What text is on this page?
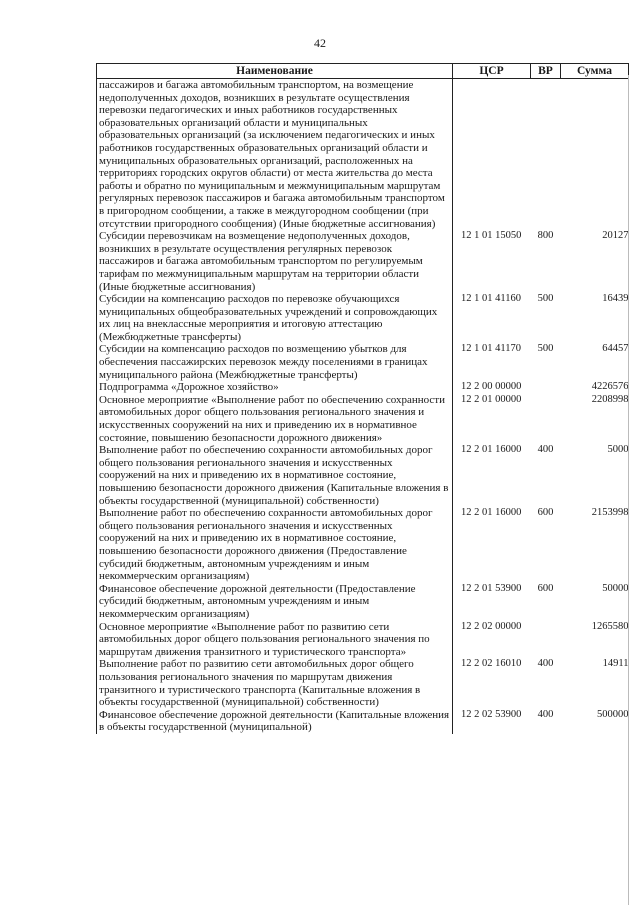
42
Наименование	ЦСР	ВР	Сумма
пассажиров и багажа автомобильным транспортом, на возмещение недополученных доходов, возникших в результате осуществления перевозки педагогических и иных работников государственных образовательных организаций области и муниципальных образовательных организаций (за исключением педагогических и иных работников государственных образовательных организаций области и муниципальных образовательных организаций, расположенных на территориях городских округов области) от места жительства до места работы и обратно по муниципальным и межмуниципальным маршрутам регулярных перевозок пассажиров и багажа автомобильным транспортом в пригородном сообщении, а также в междугородном сообщении (при отсутствии пригородного сообщения) (Иные бюджетные ассигнования)			
Субсидии перевозчикам на возмещение недополученных доходов, возникших в результате осуществления регулярных перевозок пассажиров и багажа автомобильным транспортом по регулируемым тарифам по межмуниципальным маршрутам на территории области (Иные бюджетные ассигнования)	12 1 01 15050	800	20127
Субсидии на компенсацию расходов по перевозке обучающихся муниципальных общеобразовательных учреждений и сопровождающих их лиц на внеклассные мероприятия и итоговую аттестацию (Межбюджетные трансферты)	12 1 01 41160	500	16439
Субсидии на компенсацию расходов по возмещению убытков для обеспечения пассажирских перевозок между поселениями в границах муниципального района (Межбюджетные трансферты)	12 1 01 41170	500	64457
Подпрограмма «Дорожное хозяйство»	12 2 00 00000		4226576
Основное мероприятие «Выполнение работ по обеспечению сохранности автомобильных дорог общего пользования регионального значения и искусственных сооружений на них и приведению их в нормативное состояние, повышению безопасности дорожного движения»	12 2 01 00000		2208998
Выполнение работ по обеспечению сохранности автомобильных дорог общего пользования регионального значения и искусственных сооружений на них и приведению их в нормативное состояние, повышению безопасности дорожного движения (Капитальные вложения в объекты государственной (муниципальной) собственности)	12 2 01 16000	400	5000
Выполнение работ по обеспечению сохранности автомобильных дорог общего пользования регионального значения и искусственных сооружений на них и приведению их в нормативное состояние, повышению безопасности дорожного движения (Предоставление субсидий бюджетным, автономным учреждениям и иным некоммерческим организациям)	12 2 01 16000	600	2153998
Финансовое обеспечение дорожной деятельности (Предоставление субсидий бюджетным, автономным учреждениям и иным некоммерческим организациям)	12 2 01 53900	600	50000
Основное мероприятие «Выполнение работ по развитию сети автомобильных дорог общего пользования регионального значения по маршрутам движения транзитного и туристического транспорта»	12 2 02 00000		1265580
Выполнение работ по развитию сети автомобильных дорог общего пользования регионального значения по маршрутам движения транзитного и туристического транспорта (Капитальные вложения в объекты государственной (муниципальной) собственности)	12 2 02 16010	400	14911
Финансовое обеспечение дорожной деятельности (Капитальные вложения в объекты государственной (муниципальной)	12 2 02 53900	400	500000
